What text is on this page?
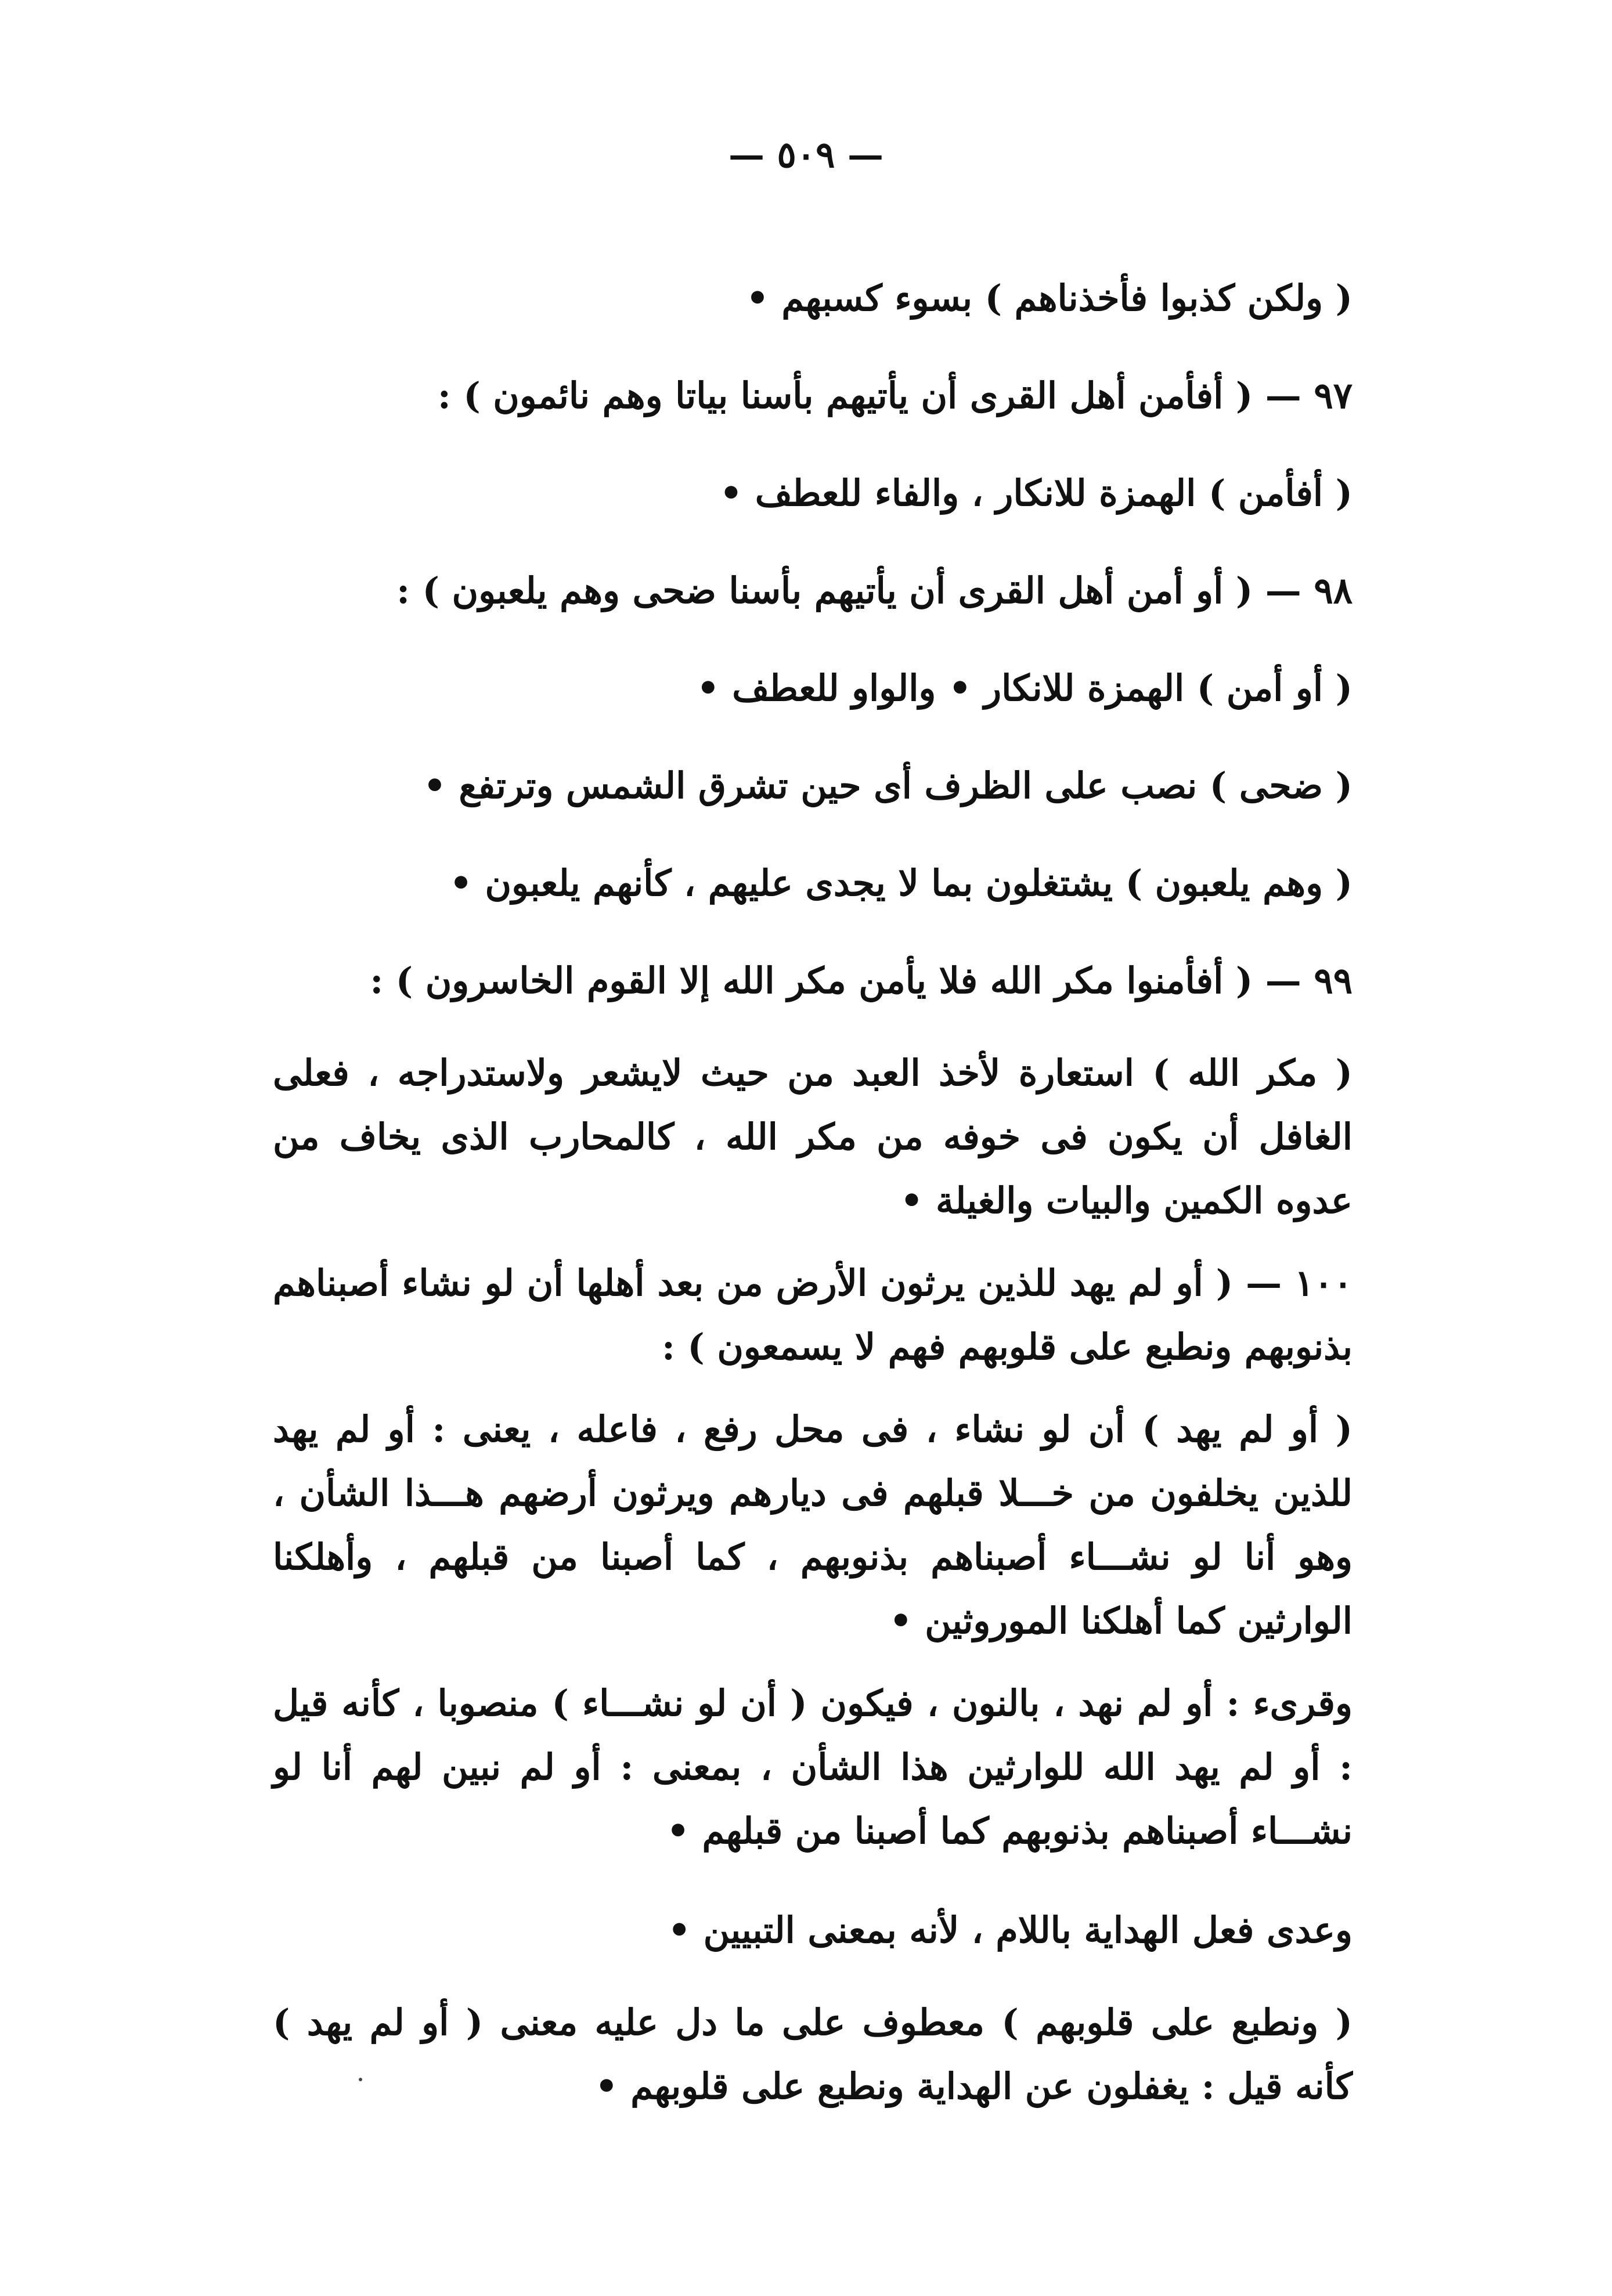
— ٥٠٩ —

( ولكن كذبوا فأخذناهم ) بسوء كسبهم •

٩٧ — ( أفأمن أهل القرى أن يأتيهم بأسنا بياتا وهم نائمون ) :

( أفأمن ) الهمزة للانكار ، والفاء للعطف •

٩٨ — ( أو أمن أهل القرى أن يأتيهم بأسنا ضحى وهم يلعبون ) :

( أو أمن ) الهمزة للانكار • والواو للعطف •

( ضحى ) نصب على الظرف أى حين تشرق الشمس وترتفع •

( وهم يلعبون ) يشتغلون بما لا يجدى عليهم ، كأنهم يلعبون •

٩٩ — ( أفأمنوا مكر الله فلا يأمن مكر الله إلا القوم الخاسرون ) :

( مكر الله ) استعارة لأخذ العبد من حيث لايشعر ولاستدراجه ، فعلى الغافل أن يكون فى خوفه من مكر الله ، كالمحارب الذى يخاف من عدوه الكمين والبيات والغيلة •

١٠٠ — ( أو لم يهد للذين يرثون الأرض من بعد أهلها أن لو نشاء أصبناهم بذنوبهم ونطبع على قلوبهم فهم لا يسمعون ) :

( أو لم يهد ) أن لو نشاء ، فى محل رفع ، فاعله ، يعنى : أو لم يهد للذين يخلفون من خـــلا قبلهم فى ديارهم ويرثون أرضهم هـــذا الشأن ، وهو أنا لو نشـــاء أصبناهم بذنوبهم ، كما أصبنا من قبلهم ، وأهلكنا الوارثين كما أهلكنا الموروثين •

وقرىء : أو لم نهد ، بالنون ، فيكون ( أن لو نشـــاء ) منصوبا ، كأنه قيل : أو لم يهد الله للوارثين هذا الشأن ، بمعنى : أو لم نبين لهم أنا لو نشـــاء أصبناهم بذنوبهم كما أصبنا من قبلهم •

وعدى فعل الهداية باللام ، لأنه بمعنى التبيين •

( ونطبع على قلوبهم ) معطوف على ما دل عليه معنى ( أو لم يهد ) كأنه قيل : يغفلون عن الهداية ونطبع على قلوبهم •
